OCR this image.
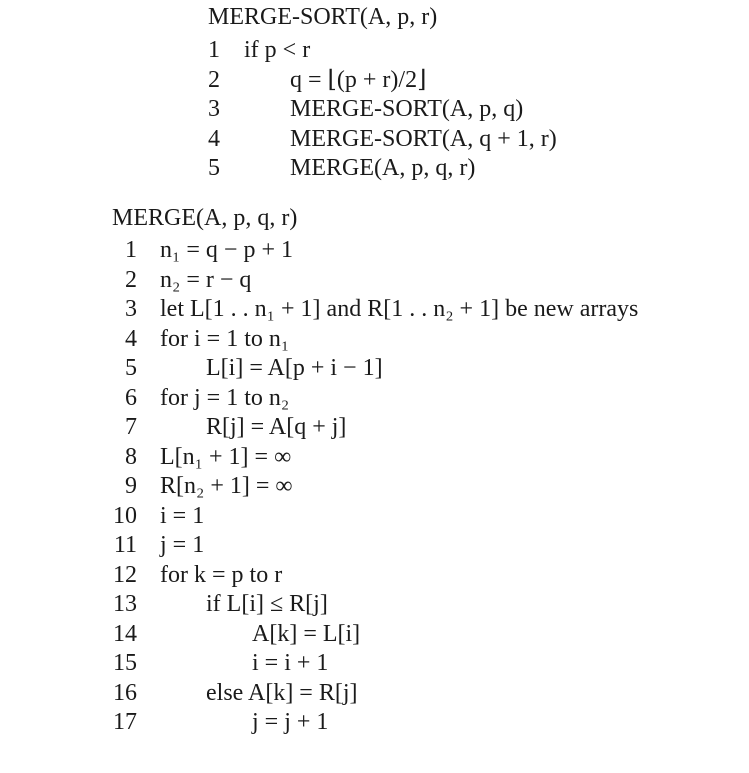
MERGE-SORT(A, p, r)
1 if p < r
2	q = ⌊(p + r)/2⌋
3	MERGE-SORT(A, p, q)
4	MERGE-SORT(A, q + 1, r)
5	MERGE(A, p, q, r)
MERGE(A, p, q, r)
1 n₁ = q − p + 1
2 n₂ = r − q
3 let L[1 . . n₁ + 1] and R[1 . . n₂ + 1] be new arrays
4 for i = 1 to n₁
5	L[i] = A[p + i − 1]
6 for j = 1 to n₂
7	R[j] = A[q + j]
8 L[n₁ + 1] = ∞
9 R[n₂ + 1] = ∞
10 i = 1
11 j = 1
12 for k = p to r
13	if L[i] ≤ R[j]
14	A[k] = L[i]
15	i = i + 1
16	else A[k] = R[j]
17	j = j + 1
